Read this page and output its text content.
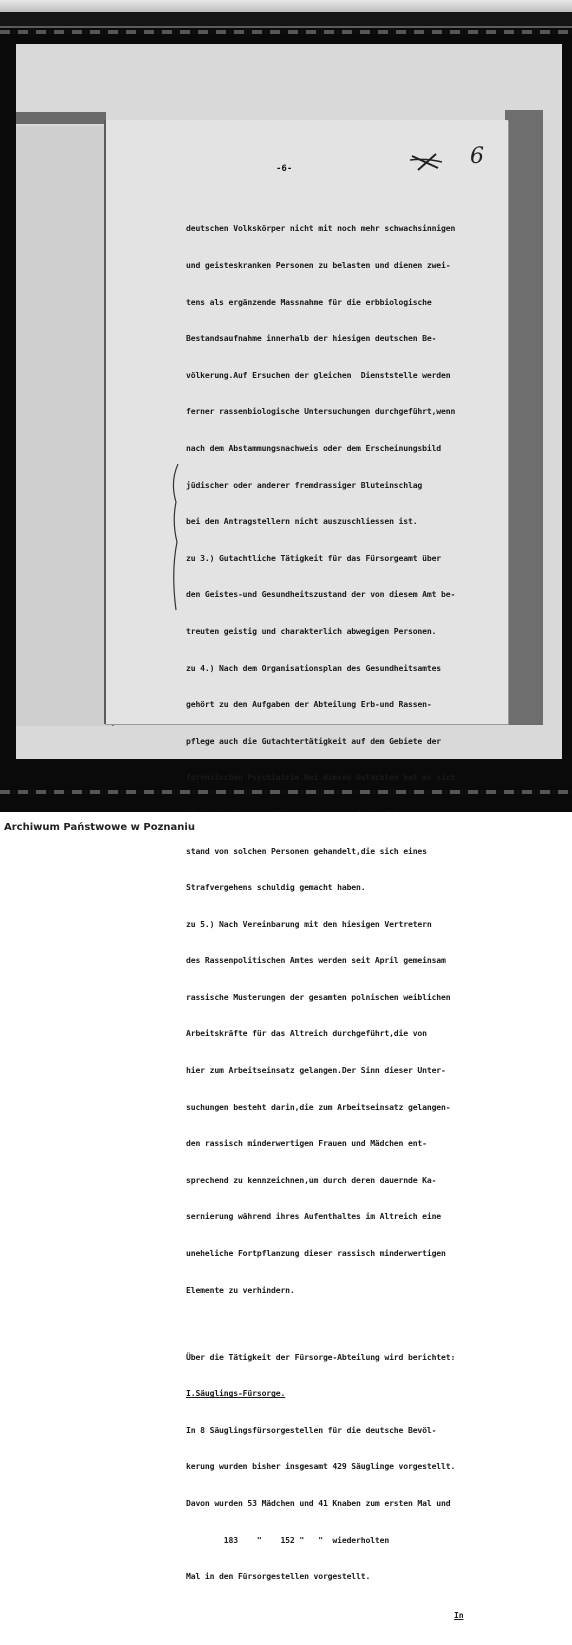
-6-	6

deutschen Volkskörper nicht mit noch mehr schwachsinnigen

und geisteskranken Personen zu belasten und dienen zwei-

tens als ergänzende Massnahme für die erbbiologische

Bestandsaufnahme innerhalb der hiesigen deutschen Be-

völkerung.Auf Ersuchen der gleichen  Dienststelle werden

ferner rassenbiologische Untersuchungen durchgeführt,wenn

nach dem Abstammungsnachweis oder dem Erscheinungsbild

jüdischer oder anderer fremdrassiger Bluteinschlag

bei den Antragstellern nicht auszuschliessen ist.

zu 3.) Gutachtliche Tätigkeit für das Fürsorgeamt über

den Geistes-und Gesundheitszustand der von diesem Amt be-

treuten geistig und charakterlich abwegigen Personen.

zu 4.) Nach dem Organisationsplan des Gesundheitsamtes

gehört zu den Aufgaben der Abteilung Erb-und Rassen-

pflege auch die Gutachtertätigkeit auf dem Gebiete der

forensischen Psychiatrie.Bei diesen Gutachten hat es sich

stand von solchen Personen gehandelt,die sich eines

Strafvergehens schuldig gemacht haben.

zu 5.) Nach Vereinbarung mit den hiesigen Vertretern

des Rassenpolitischen Amtes werden seit April gemeinsam

rassische Musterungen der gesamten polnischen weiblichen

Arbeitskräfte für das Altreich durchgeführt,die von

hier zum Arbeitseinsatz gelangen.Der Sinn dieser Unter-

suchungen besteht darin,die zum Arbeitseinsatz gelangen-

den rassisch minderwertigen Frauen und Mädchen ent-

sprechend zu kennzeichnen,um durch deren dauernde Ka-

sernierung während ihres Aufenthaltes im Altreich eine

uneheliche Fortpflanzung dieser rassisch minderwertigen

Elemente zu verhindern.

Über die Tätigkeit der Fürsorge-Abteilung wird berichtet:

I.Säuglings-Fürsorge.

In 8 Säuglingsfürsorgestellen für die deutsche Bevöl-

kerung wurden bisher insgesamt 429 Säuglinge vorgestellt.

Davon wurden 53 Mädchen und 41 Knaben zum ersten Mal und

183    "    152 "   "  wiederholten

Mal in den Fürsorgestellen vorgestellt.

In

Archiwum Państwowe w Poznaniu
